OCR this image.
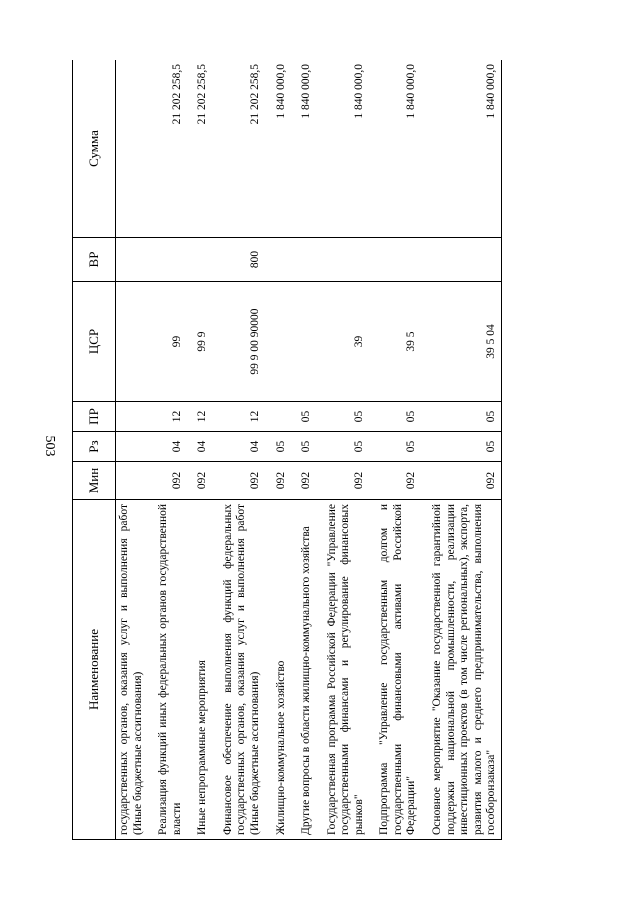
503
Наименование	Мин	Рз	ПР	ЦСР	ВР	Сумма
государственных органов, оказания услуг и выполнения работ (Иные бюджетные ассигнования)						
Реализация функций иных федеральных органов государственной власти	092	04	12	99		21 202 258,5
Иные непрограммные мероприятия	092	04	12	99 9		21 202 258,5
Финансовое обеспечение выполнения функций федеральных государственных органов, оказания услуг и выполнения работ (Иные бюджетные ассигнования)	092	04	12	99 9 00 90000	800	21 202 258,5
Жилищно-коммунальное хозяйство	092	05				1 840 000,0
Другие вопросы в области жилищно-коммунального хозяйства	092	05	05			1 840 000,0
Государственная программа Российской Федерации "Управление государственными финансами и регулирование финансовых рынков"	092	05	05	39		1 840 000,0
Подпрограмма "Управление государственным долгом и государственными финансовыми активами Российской Федерации"	092	05	05	39 5		1 840 000,0
Основное мероприятие "Оказание государственной гарантийной поддержки национальной промышленности, реализации инвестиционных проектов (в том числе региональных), экспорта, развития малого и среднего предпринимательства, выполнения гособоронзаказа"	092	05	05	39 5 04		1 840 000,0
